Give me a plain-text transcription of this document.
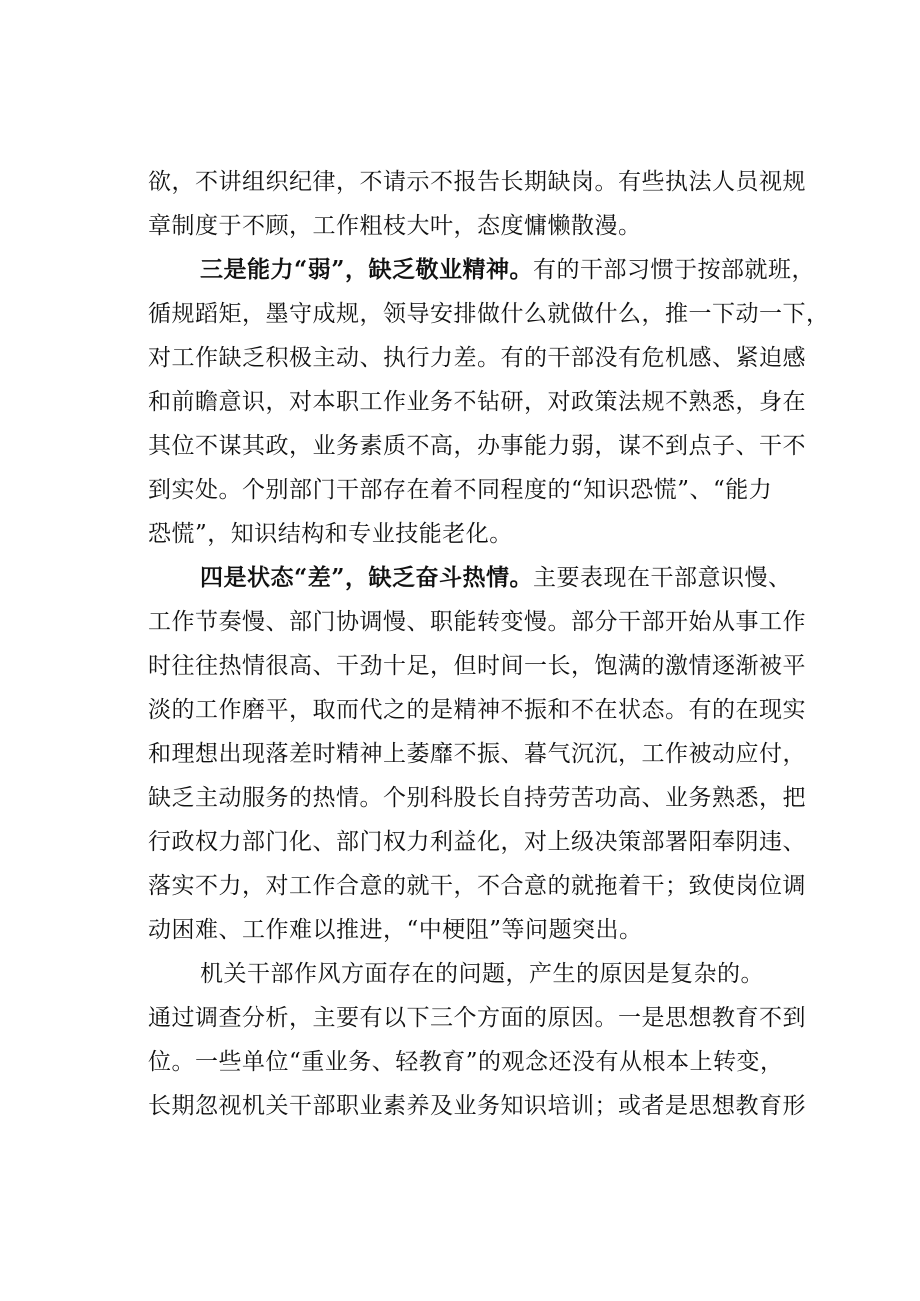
欲，不讲组织纪律，不请示不报告长期缺岗。有些执法人员视规
章制度于不顾，工作粗枝大叶，态度慵懒散漫。
三是能力“弱”，缺乏敬业精神。有的干部习惯于按部就班，
循规蹈矩，墨守成规，领导安排做什么就做什么，推一下动一下，
对工作缺乏积极主动、执行力差。有的干部没有危机感、紧迫感
和前瞻意识，对本职工作业务不钻研，对政策法规不熟悉，身在
其位不谋其政，业务素质不高，办事能力弱，谋不到点子、干不
到实处。个别部门干部存在着不同程度的“知识恐慌”、“能力
恐慌”，知识结构和专业技能老化。
四是状态“差”，缺乏奋斗热情。主要表现在干部意识慢、
工作节奏慢、部门协调慢、职能转变慢。部分干部开始从事工作
时往往热情很高、干劲十足，但时间一长，饱满的激情逐渐被平
淡的工作磨平，取而代之的是精神不振和不在状态。有的在现实
和理想出现落差时精神上萎靡不振、暮气沉沉，工作被动应付，
缺乏主动服务的热情。个别科股长自持劳苦功高、业务熟悉，把
行政权力部门化、部门权力利益化，对上级决策部署阳奉阴违、
落实不力，对工作合意的就干，不合意的就拖着干；致使岗位调
动困难、工作难以推进，“中梗阻”等问题突出。
机关干部作风方面存在的问题，产生的原因是复杂的。
通过调查分析，主要有以下三个方面的原因。一是思想教育不到
位。一些单位“重业务、轻教育”的观念还没有从根本上转变，
长期忽视机关干部职业素养及业务知识培训；或者是思想教育形
